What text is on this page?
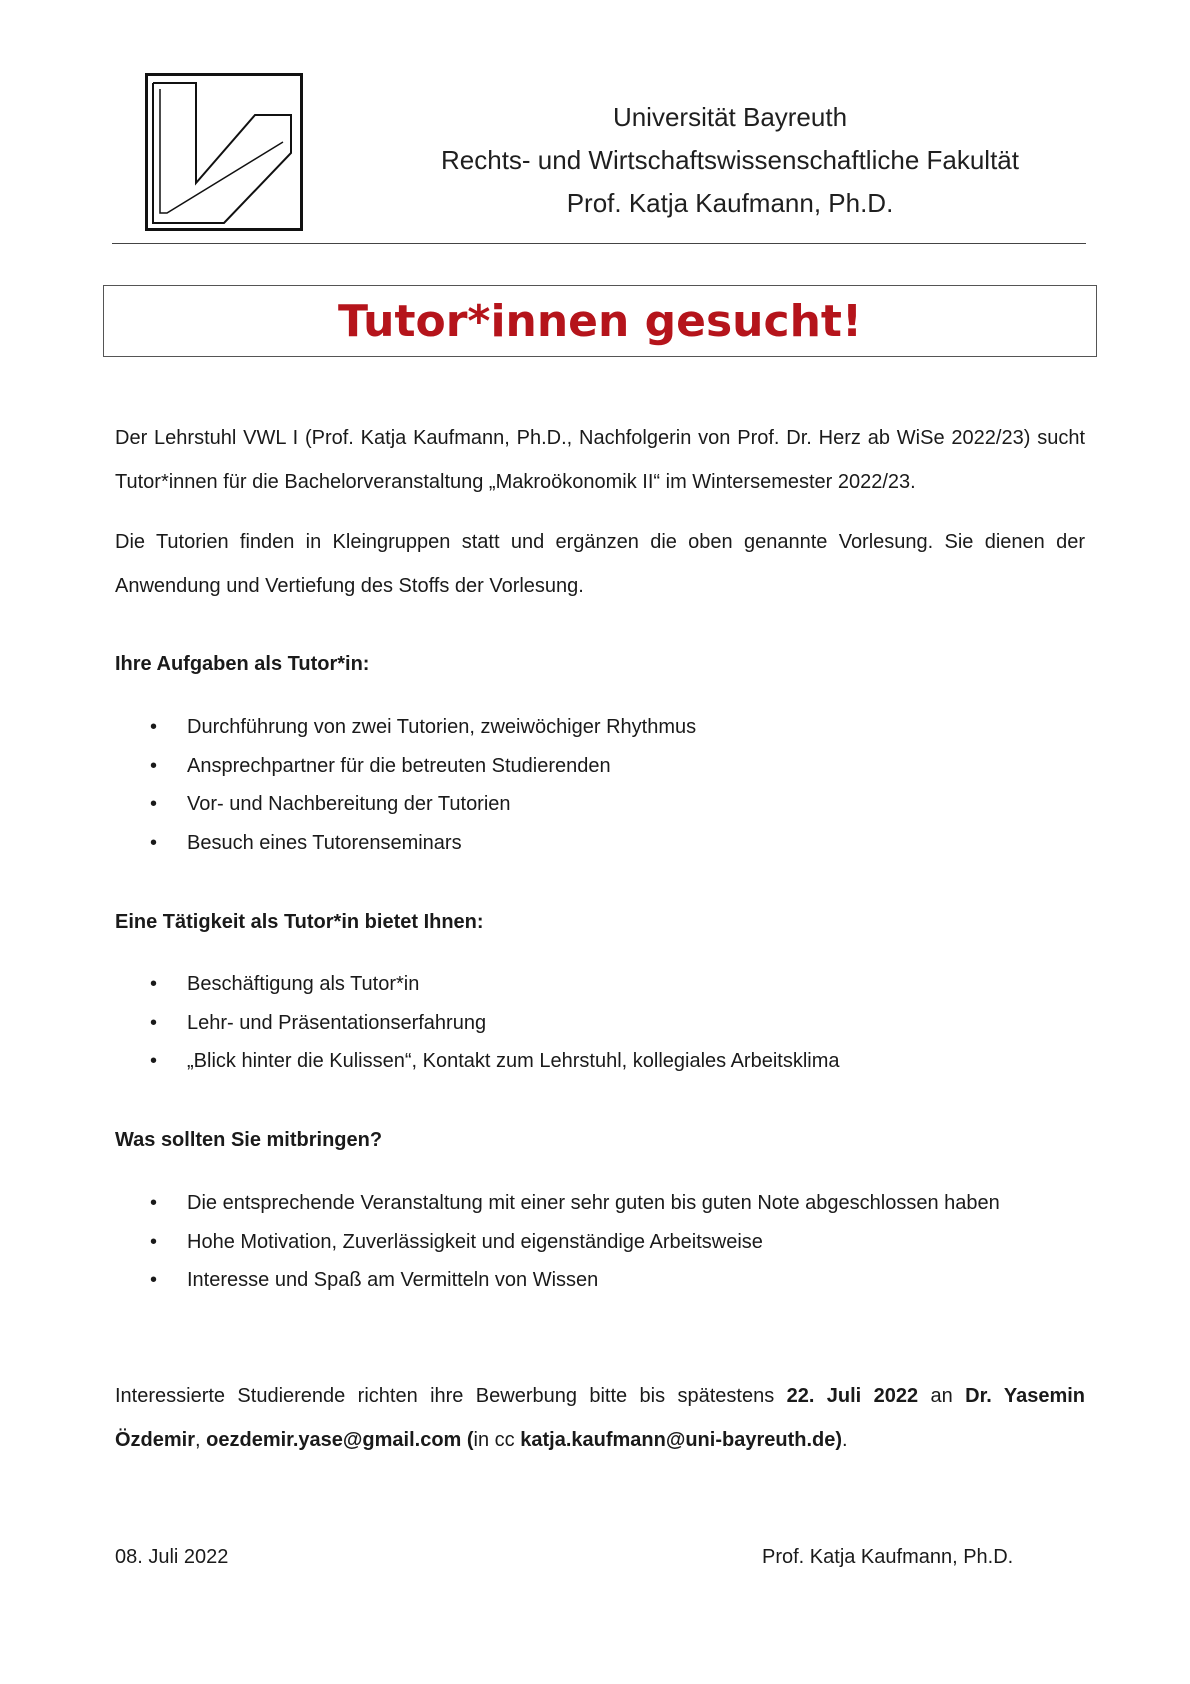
Universität Bayreuth
Rechts- und Wirtschaftswissenschaftliche Fakultät
Prof. Katja Kaufmann, Ph.D.
Tutor*innen gesucht!

Der Lehrstuhl VWL I (Prof. Katja Kaufmann, Ph.D., Nachfolgerin von Prof. Dr. Herz ab WiSe 2022/23) sucht Tutor*innen für die Bachelorveranstaltung „Makroökonomik II“ im Wintersemester 2022/23.

Die Tutorien finden in Kleingruppen statt und ergänzen die oben genannte Vorlesung. Sie dienen der Anwendung und Vertiefung des Stoffs der Vorlesung.

Ihre Aufgaben als Tutor*in:
• Durchführung von zwei Tutorien, zweiwöchiger Rhythmus
• Ansprechpartner für die betreuten Studierenden
• Vor- und Nachbereitung der Tutorien
• Besuch eines Tutorenseminars
Eine Tätigkeit als Tutor*in bietet Ihnen:
• Beschäftigung als Tutor*in
• Lehr- und Präsentationserfahrung
• „Blick hinter die Kulissen“, Kontakt zum Lehrstuhl, kollegiales Arbeitsklima
Was sollten Sie mitbringen?
• Die entsprechende Veranstaltung mit einer sehr guten bis guten Note abgeschlossen haben
• Hohe Motivation, Zuverlässigkeit und eigenständige Arbeitsweise
• Interesse und Spaß am Vermitteln von Wissen

Interessierte Studierende richten ihre Bewerbung bitte bis spätestens 22. Juli 2022 an Dr. Yasemin Özdemir, oezdemir.yase@gmail.com (in cc katja.kaufmann@uni-bayreuth.de).

08. Juli 2022	Prof. Katja Kaufmann, Ph.D.
